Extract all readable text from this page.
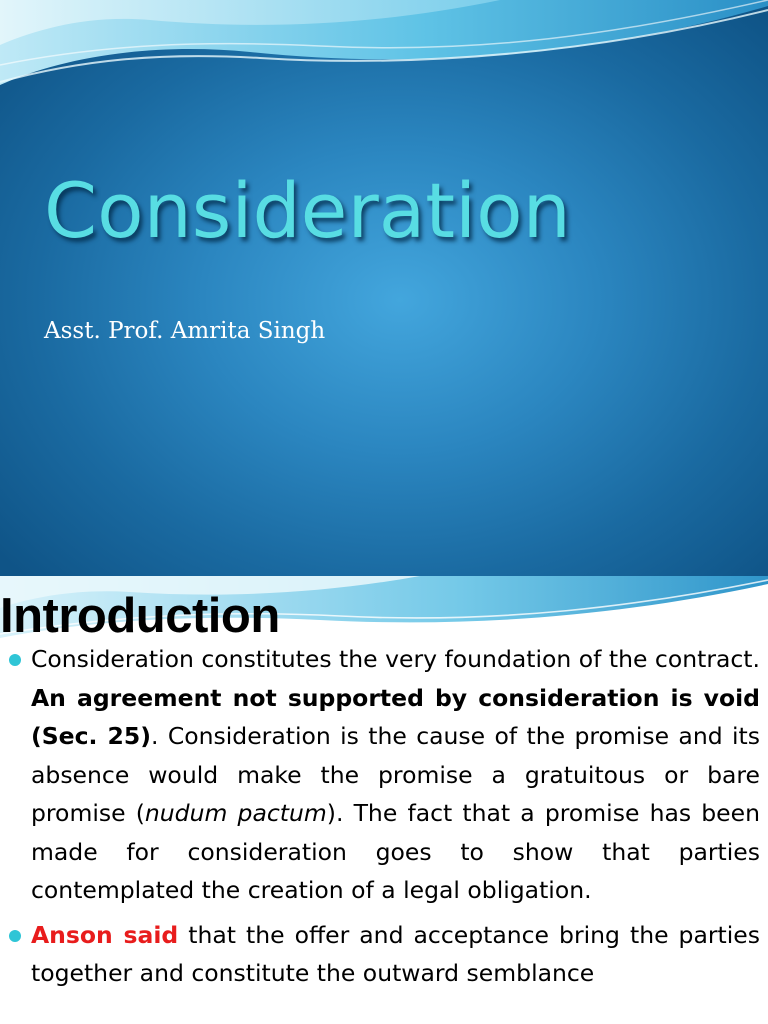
Consideration

Asst. Prof. Amrita Singh

Introduction

Consideration constitutes the very foundation of the contract. An agreement not supported by consideration is void (Sec. 25). Consideration is the cause of the promise and its absence would make the promise a gratuitous or bare promise (nudum pactum). The fact that a promise has been made for consideration goes to show that parties contemplated the creation of a legal obligation.

Anson said that the offer and acceptance bring the parties together and constitute the outward semblance
